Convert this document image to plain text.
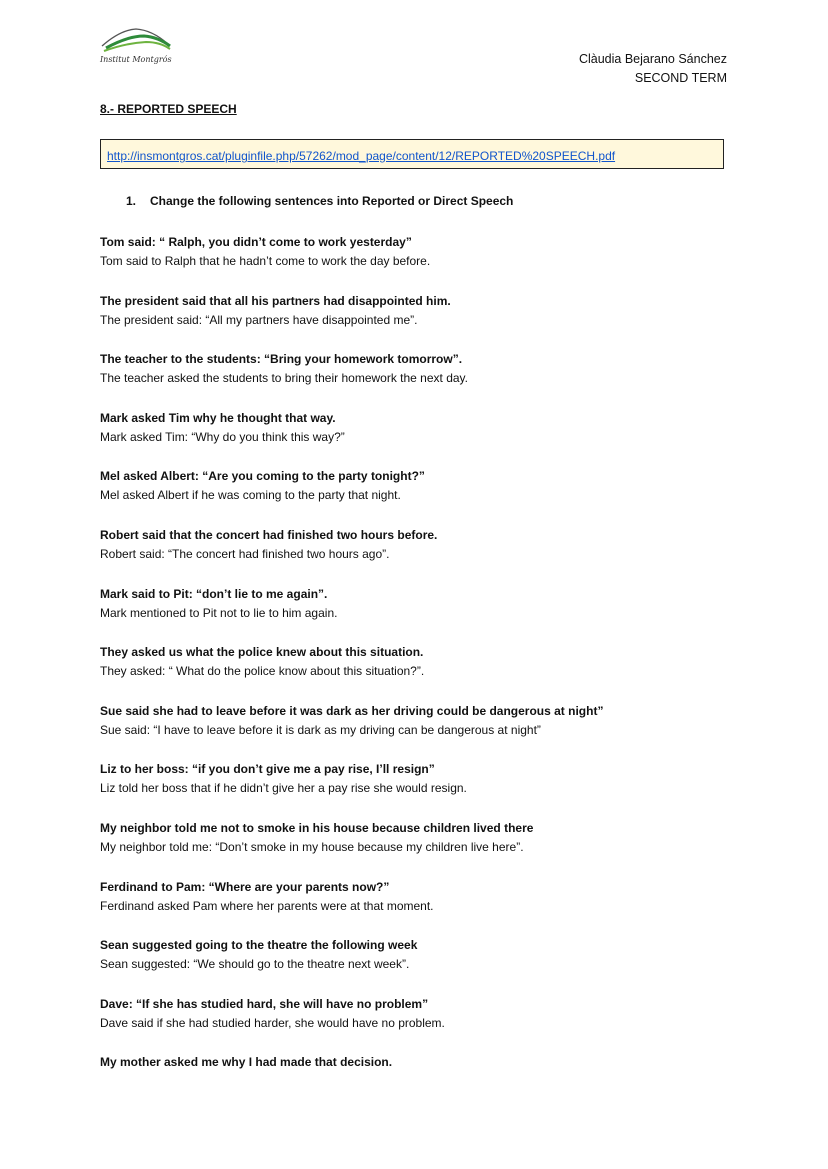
Institut Montgrós	Clàudia Bejarano Sánchez
SECOND TERM
8.- REPORTED SPEECH
http://insmontgros.cat/pluginfile.php/57262/mod_page/content/12/REPORTED%20SPEECH.pdf
1. Change the following sentences into Reported or Direct Speech
Tom said: “ Ralph, you didn’t come to work yesterday”
Tom said to Ralph that he hadn’t come to work the day before.
The president said that all his partners had disappointed him.
The president said: “All my partners have disappointed me”.
The teacher to the students: “Bring your homework tomorrow”.
The teacher asked the students to bring their homework the next day.
Mark asked Tim why he thought that way.
Mark asked Tim: “Why do you think this way?”
Mel asked Albert: “Are you coming to the party tonight?”
Mel asked Albert if he was coming to the party that night.
Robert said that the concert had finished two hours before.
Robert said: “The concert had finished two hours ago”.
Mark said to Pit: “don’t lie to me again”.
Mark mentioned to Pit not to lie to him again.
They asked us what the police knew about this situation.
They asked: “ What do the police know about this situation?”.
Sue said she had to leave before it was dark as her driving could be dangerous at night”
Sue said: “I have to leave before it is dark as my driving can be dangerous at night”
Liz to her boss: “if you don’t give me a pay rise, I’ll resign”
Liz told her boss that if he didn’t give her a pay rise she would resign.
My neighbor told me not to smoke in his house because children lived there
My neighbor told me: “Don’t smoke in my house because my children live here”.
Ferdinand to Pam: “Where are your parents now?”
Ferdinand asked Pam where her parents were at that moment.
Sean suggested going to the theatre the following week
Sean suggested: “We should go to the theatre next week”.
Dave: “If she has studied hard, she will have no problem”
Dave said if she had studied harder, she would have no problem.
My mother asked me why I had made that decision.
